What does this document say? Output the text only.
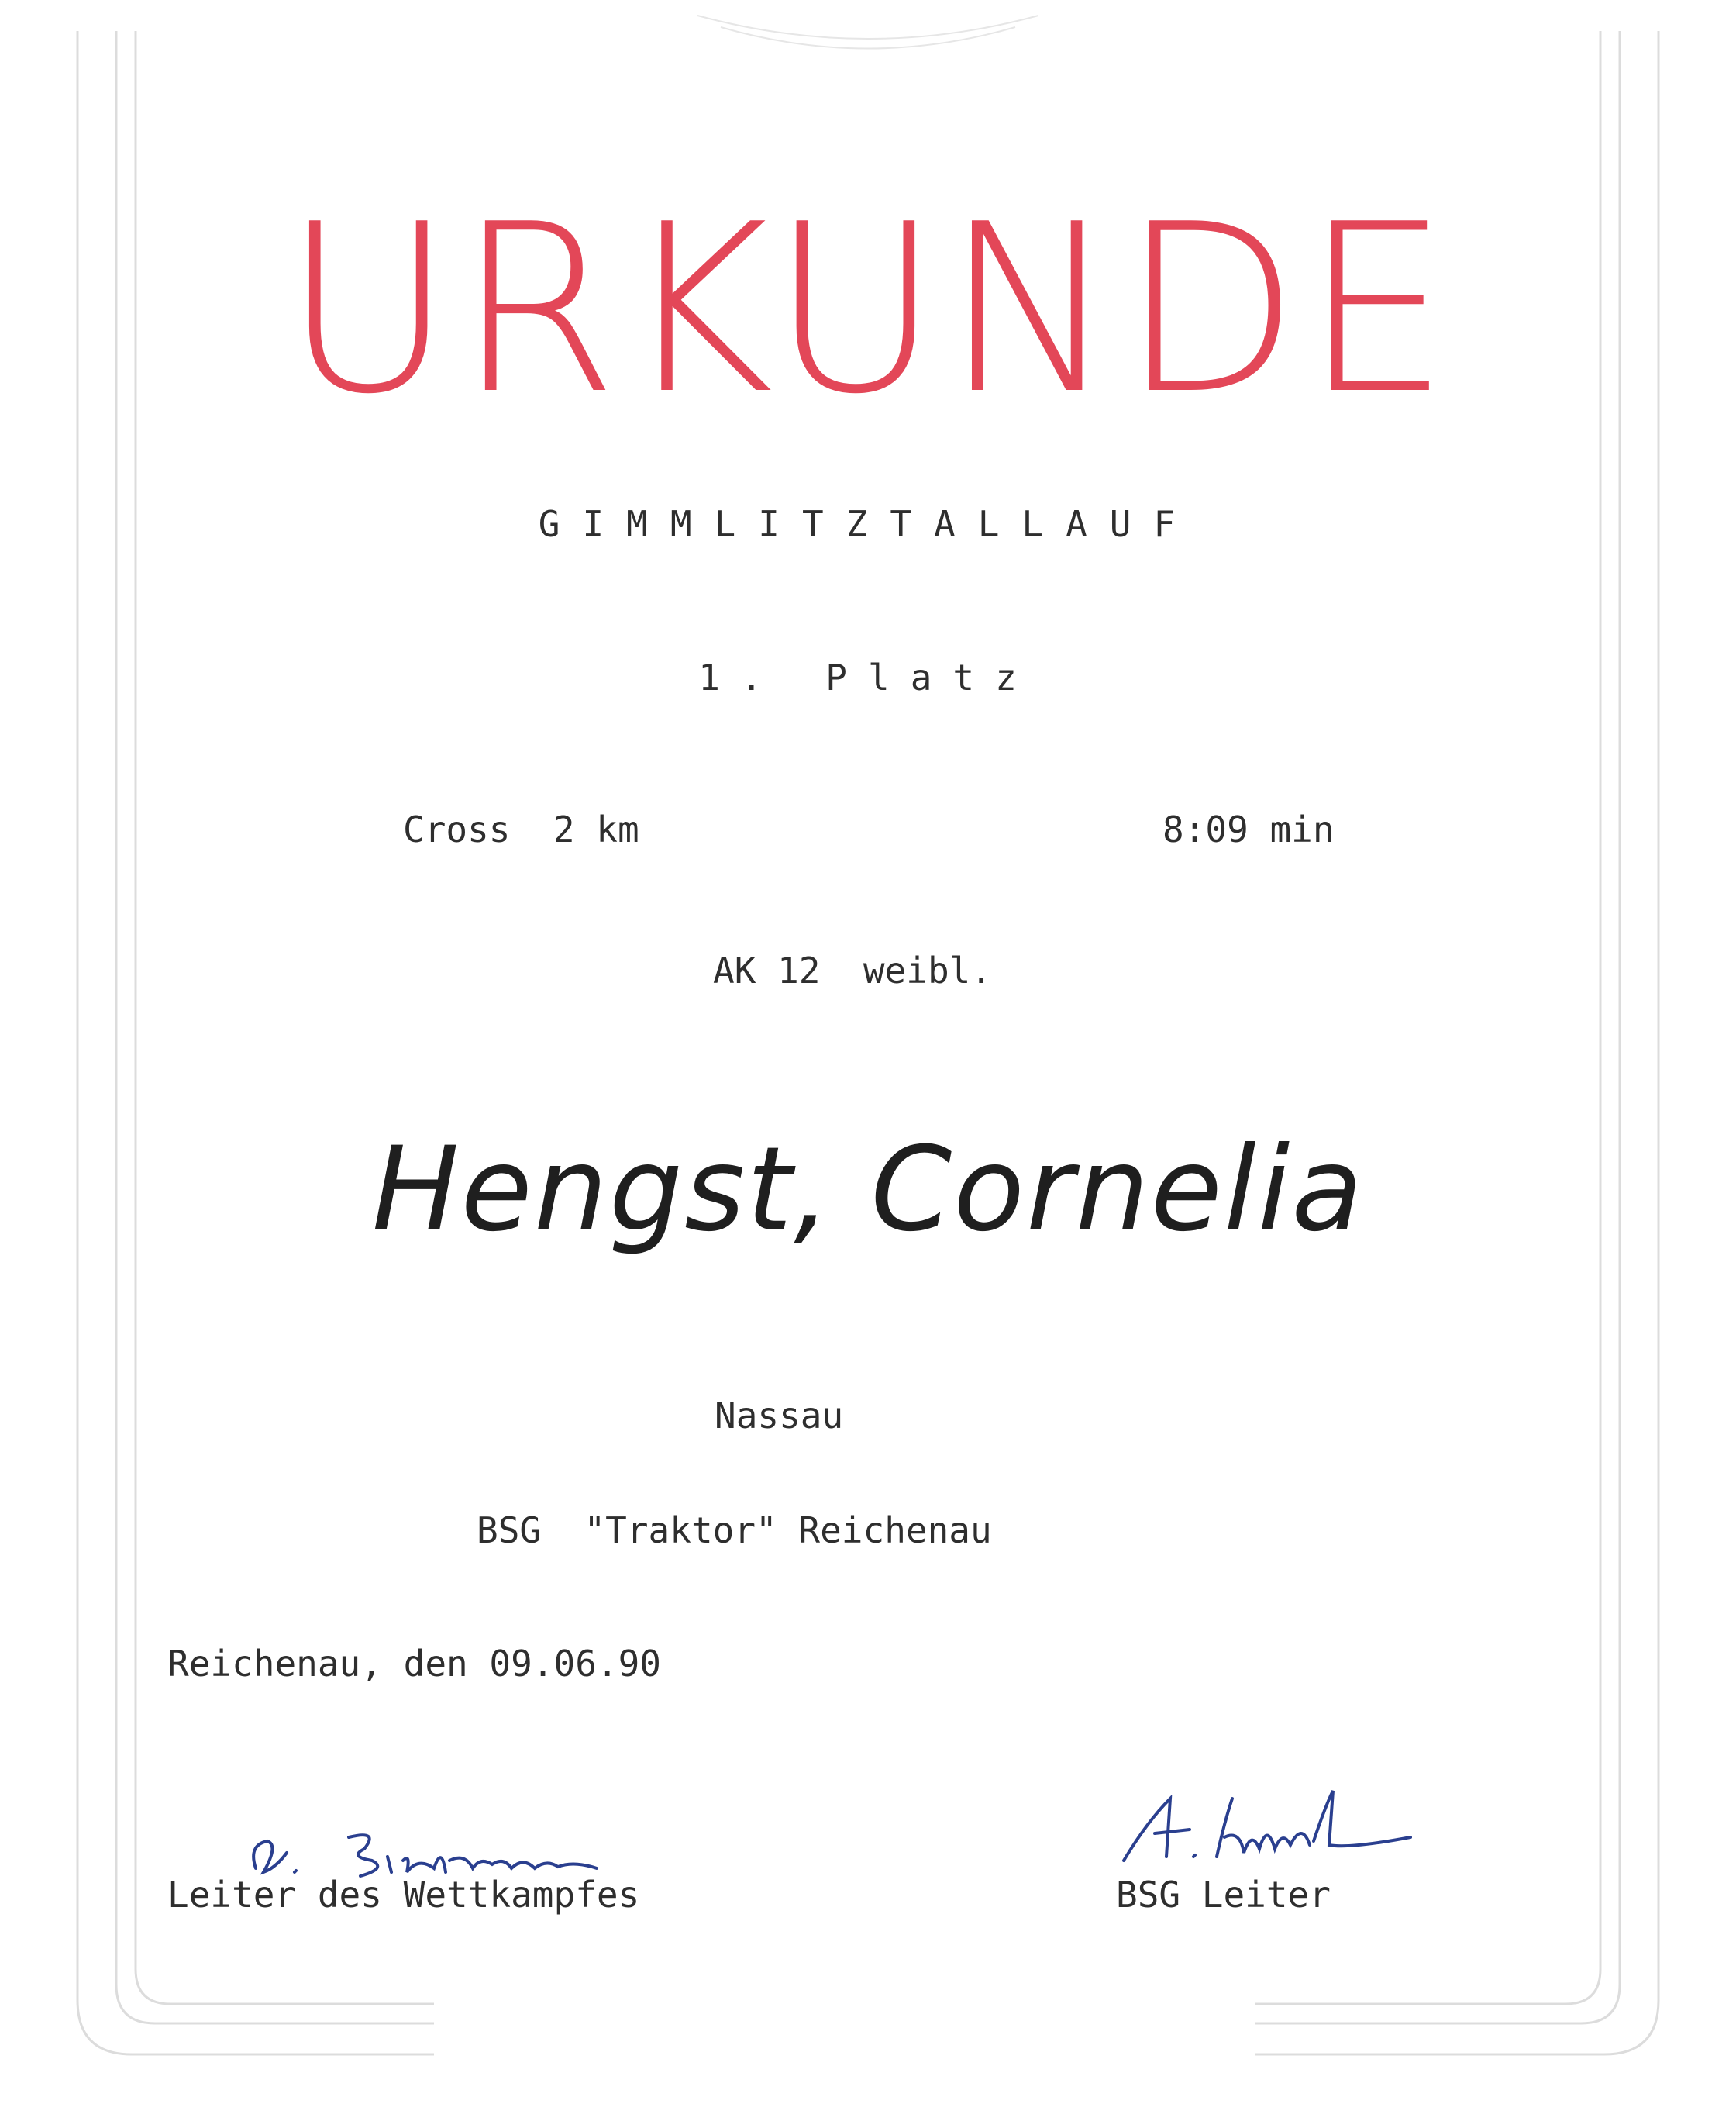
URKUNDE
GIMMLITZTALLAUF
1. Platz
Cross  2 km	8:09 min
AK 12  weibl.
Hengst, Cornelia
Nassau
BSG  "Traktor" Reichenau
Reichenau, den 09.06.90
Leiter des Wettkampfes	BSG Leiter
